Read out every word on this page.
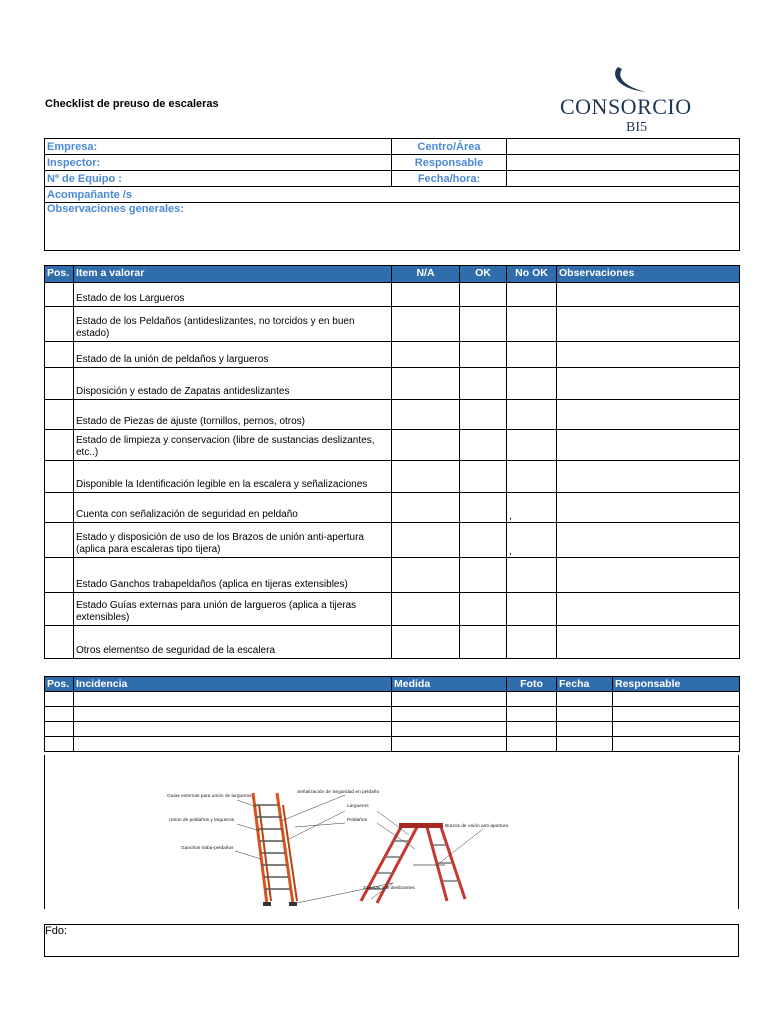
Checklist de preuso de escaleras	CONSORCIO
BI5
Empresa:	Centro/Área	
Inspector:	Responsable	
Nº de Equipo :	Fecha/hora:	
Acompañante /s		
Observaciones generales:		
Pos.	Item a valorar	N/A	OK	No OK	Observaciones
	Estado de los Largueros				
	Estado de los Peldaños (antideslizantes, no torcidos y en buen estado)				
	Estado de la unión de peldaños y largueros				
	Disposición y estado de Zapatas antideslizantes				
	Estado de Piezas de ajuste (tornillos, pernos, otros)				
	Estado de limpieza y conservacion (libre de sustancias deslizantes, etc..)				
	Disponible la Identificación legible en la escalera y señalizaciones				
	Cuenta con señalización de seguridad en peldaño			,	
	Estado y disposición de uso de los Brazos de unión anti-apertura (aplica para escaleras tipo tijera)			,	
	Estado Ganchos trabapeldaños (aplica en tijeras extensibles)				
	Estado Guías externas para unión de largueros (aplica a tijeras extensibles)				
	Otros elementso de seguridad de la escalera				
Pos.	Incidencia	Medida	Foto	Fecha	Responsable

Guías externas para unión de largueros
Unión de peldaños y largueros
Ganchos traba-peldaños
Señalización de Seguridad en peldaño
Largueros
Peldaños
Brazos de unión anti-apertura
Zapatas anti deslizantes
Fdo:
